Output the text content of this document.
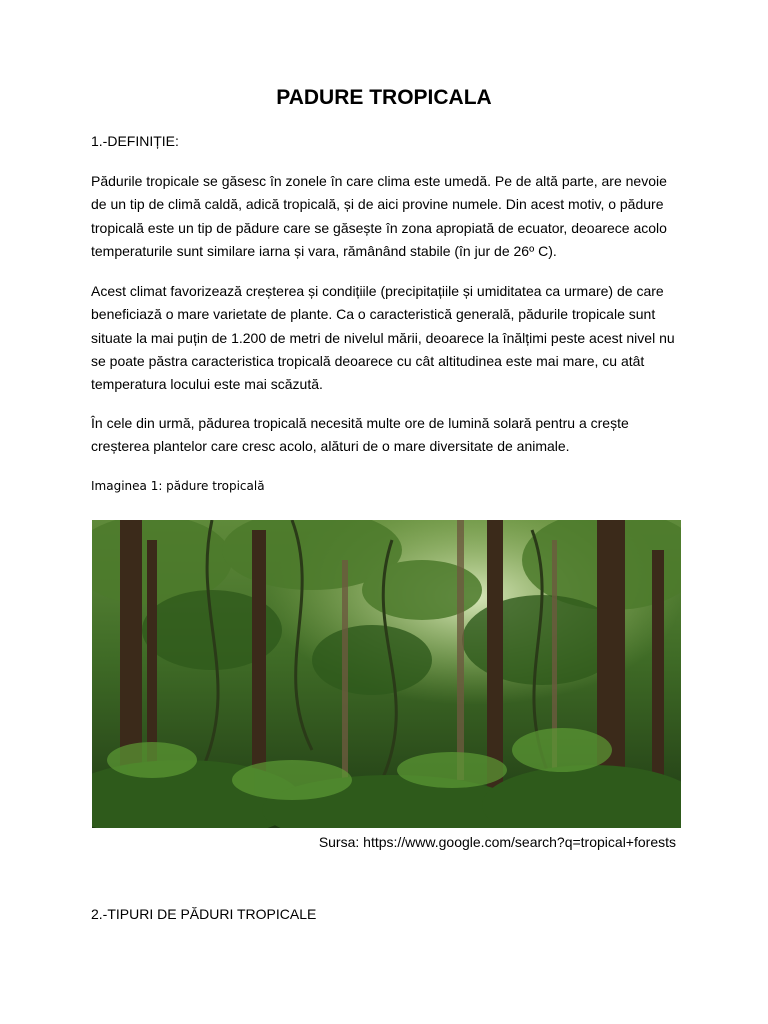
PADURE TROPICALA

1.-DEFINIȚIE:

Pădurile tropicale se găsesc în zonele în care clima este umedă. Pe de altă parte, are nevoie de un tip de climă caldă, adică tropicală, și de aici provine numele. Din acest motiv, o pădure tropicală este un tip de pădure care se găsește în zona apropiată de ecuator, deoarece acolo temperaturile sunt similare iarna și vara, rămânând stabile (în jur de 26º C).

Acest climat favorizează creșterea și condițiile (precipitațiile și umiditatea ca urmare) de care beneficiază o mare varietate de plante. Ca o caracteristică generală, pădurile tropicale sunt situate la mai puțin de 1.200 de metri de nivelul mării, deoarece la înălțimi peste acest nivel nu se poate păstra caracteristica tropicală deoarece cu cât altitudinea este mai mare, cu atât temperatura locului este mai scăzută.

În cele din urmă, pădurea tropicală necesită multe ore de lumină solară pentru a crește creșterea plantelor care cresc acolo, alături de o mare diversitate de animale.

Imaginea 1: pădure tropicală

Sursa: https://www.google.com/search?q=tropical+forests

2.-TIPURI DE PĂDURI TROPICALE
